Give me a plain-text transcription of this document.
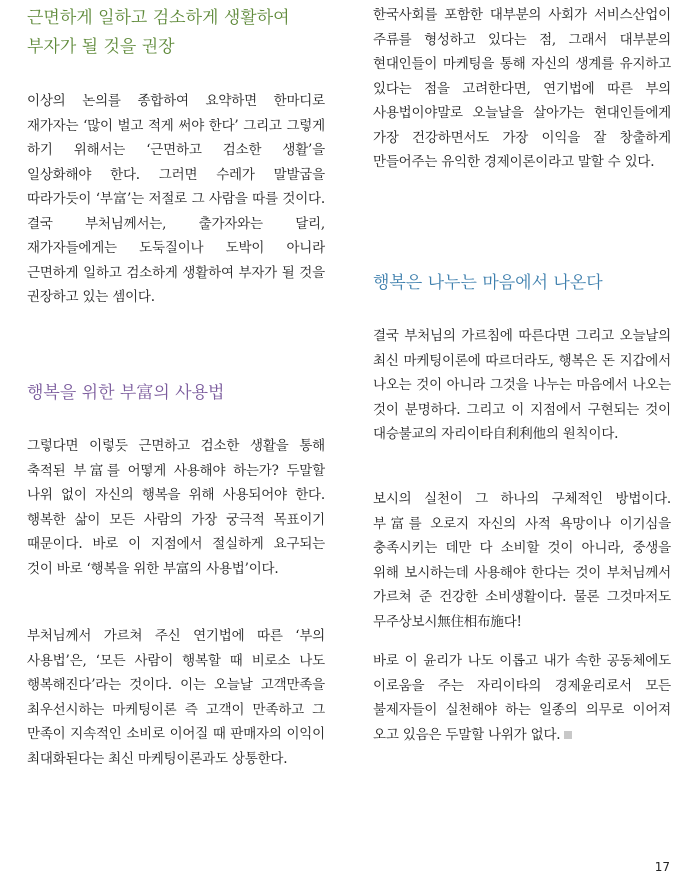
근면하게 일하고 검소하게 생활하여
부자가 될 것을 권장

이상의 논의를 종합하여 요약하면 한마디로 재가자는 ‘많이 벌고 적게 써야 한다’ 그리고 그렇게 하기 위해서는 ‘근면하고 검소한 생활’을 일상화해야 한다. 그러면 수레가 말발굽을 따라가듯이 ‘부富’는 저절로 그 사람을 따를 것이다. 결국 부처님께서는, 출가자와는 달리, 재가자들에게는 도둑질이나 도박이 아니라 근면하게 일하고 검소하게 생활하여 부자가 될 것을 권장하고 있는 셈이다.

행복을 위한 부富의 사용법

그렇다면 이렇듯 근면하고 검소한 생활을 통해 축적된 부富를 어떻게 사용해야 하는가? 두말할 나위 없이 자신의 행복을 위해 사용되어야 한다. 행복한 삶이 모든 사람의 가장 궁극적 목표이기 때문이다. 바로 이 지점에서 절실하게 요구되는 것이 바로 ‘행복을 위한 부富의 사용법’이다.

부처님께서 가르쳐 주신 연기법에 따른 ‘부의 사용법’은, ‘모든 사람이 행복할 때 비로소 나도 행복해진다’라는 것이다. 이는 오늘날 고객만족을 최우선시하는 마케팅이론 즉 고객이 만족하고 그 만족이 지속적인 소비로 이어질 때 판매자의 이익이 최대화된다는 최신 마케팅이론과도 상통한다.

한국사회를 포함한 대부분의 사회가 서비스산업이 주류를 형성하고 있다는 점, 그래서 대부분의 현대인들이 마케팅을 통해 자신의 생계를 유지하고 있다는 점을 고려한다면, 연기법에 따른 부의 사용법이야말로 오늘날을 살아가는 현대인들에게 가장 건강하면서도 가장 이익을 잘 창출하게 만들어주는 유익한 경제이론이라고 말할 수 있다.

행복은 나누는 마음에서 나온다

결국 부처님의 가르침에 따른다면 그리고 오늘날의 최신 마케팅이론에 따르더라도, 행복은 돈 지갑에서 나오는 것이 아니라 그것을 나누는 마음에서 나오는 것이 분명하다. 그리고 이 지점에서 구현되는 것이 대승불교의 자리이타自利利他의 원칙이다.

보시의 실천이 그 하나의 구체적인 방법이다. 부富를 오로지 자신의 사적 욕망이나 이기심을 충족시키는 데만 다 소비할 것이 아니라, 중생을 위해 보시하는데 사용해야 한다는 것이 부처님께서 가르쳐 준 건강한 소비생활이다. 물론 그것마저도 무주상보시無住相布施다!

바로 이 윤리가 나도 이롭고 내가 속한 공동체에도 이로움을 주는 자리이타의 경제윤리로서 모든 불제자들이 실천해야 하는 일종의 의무로 이어져 오고 있음은 두말할 나위가 없다.

17
